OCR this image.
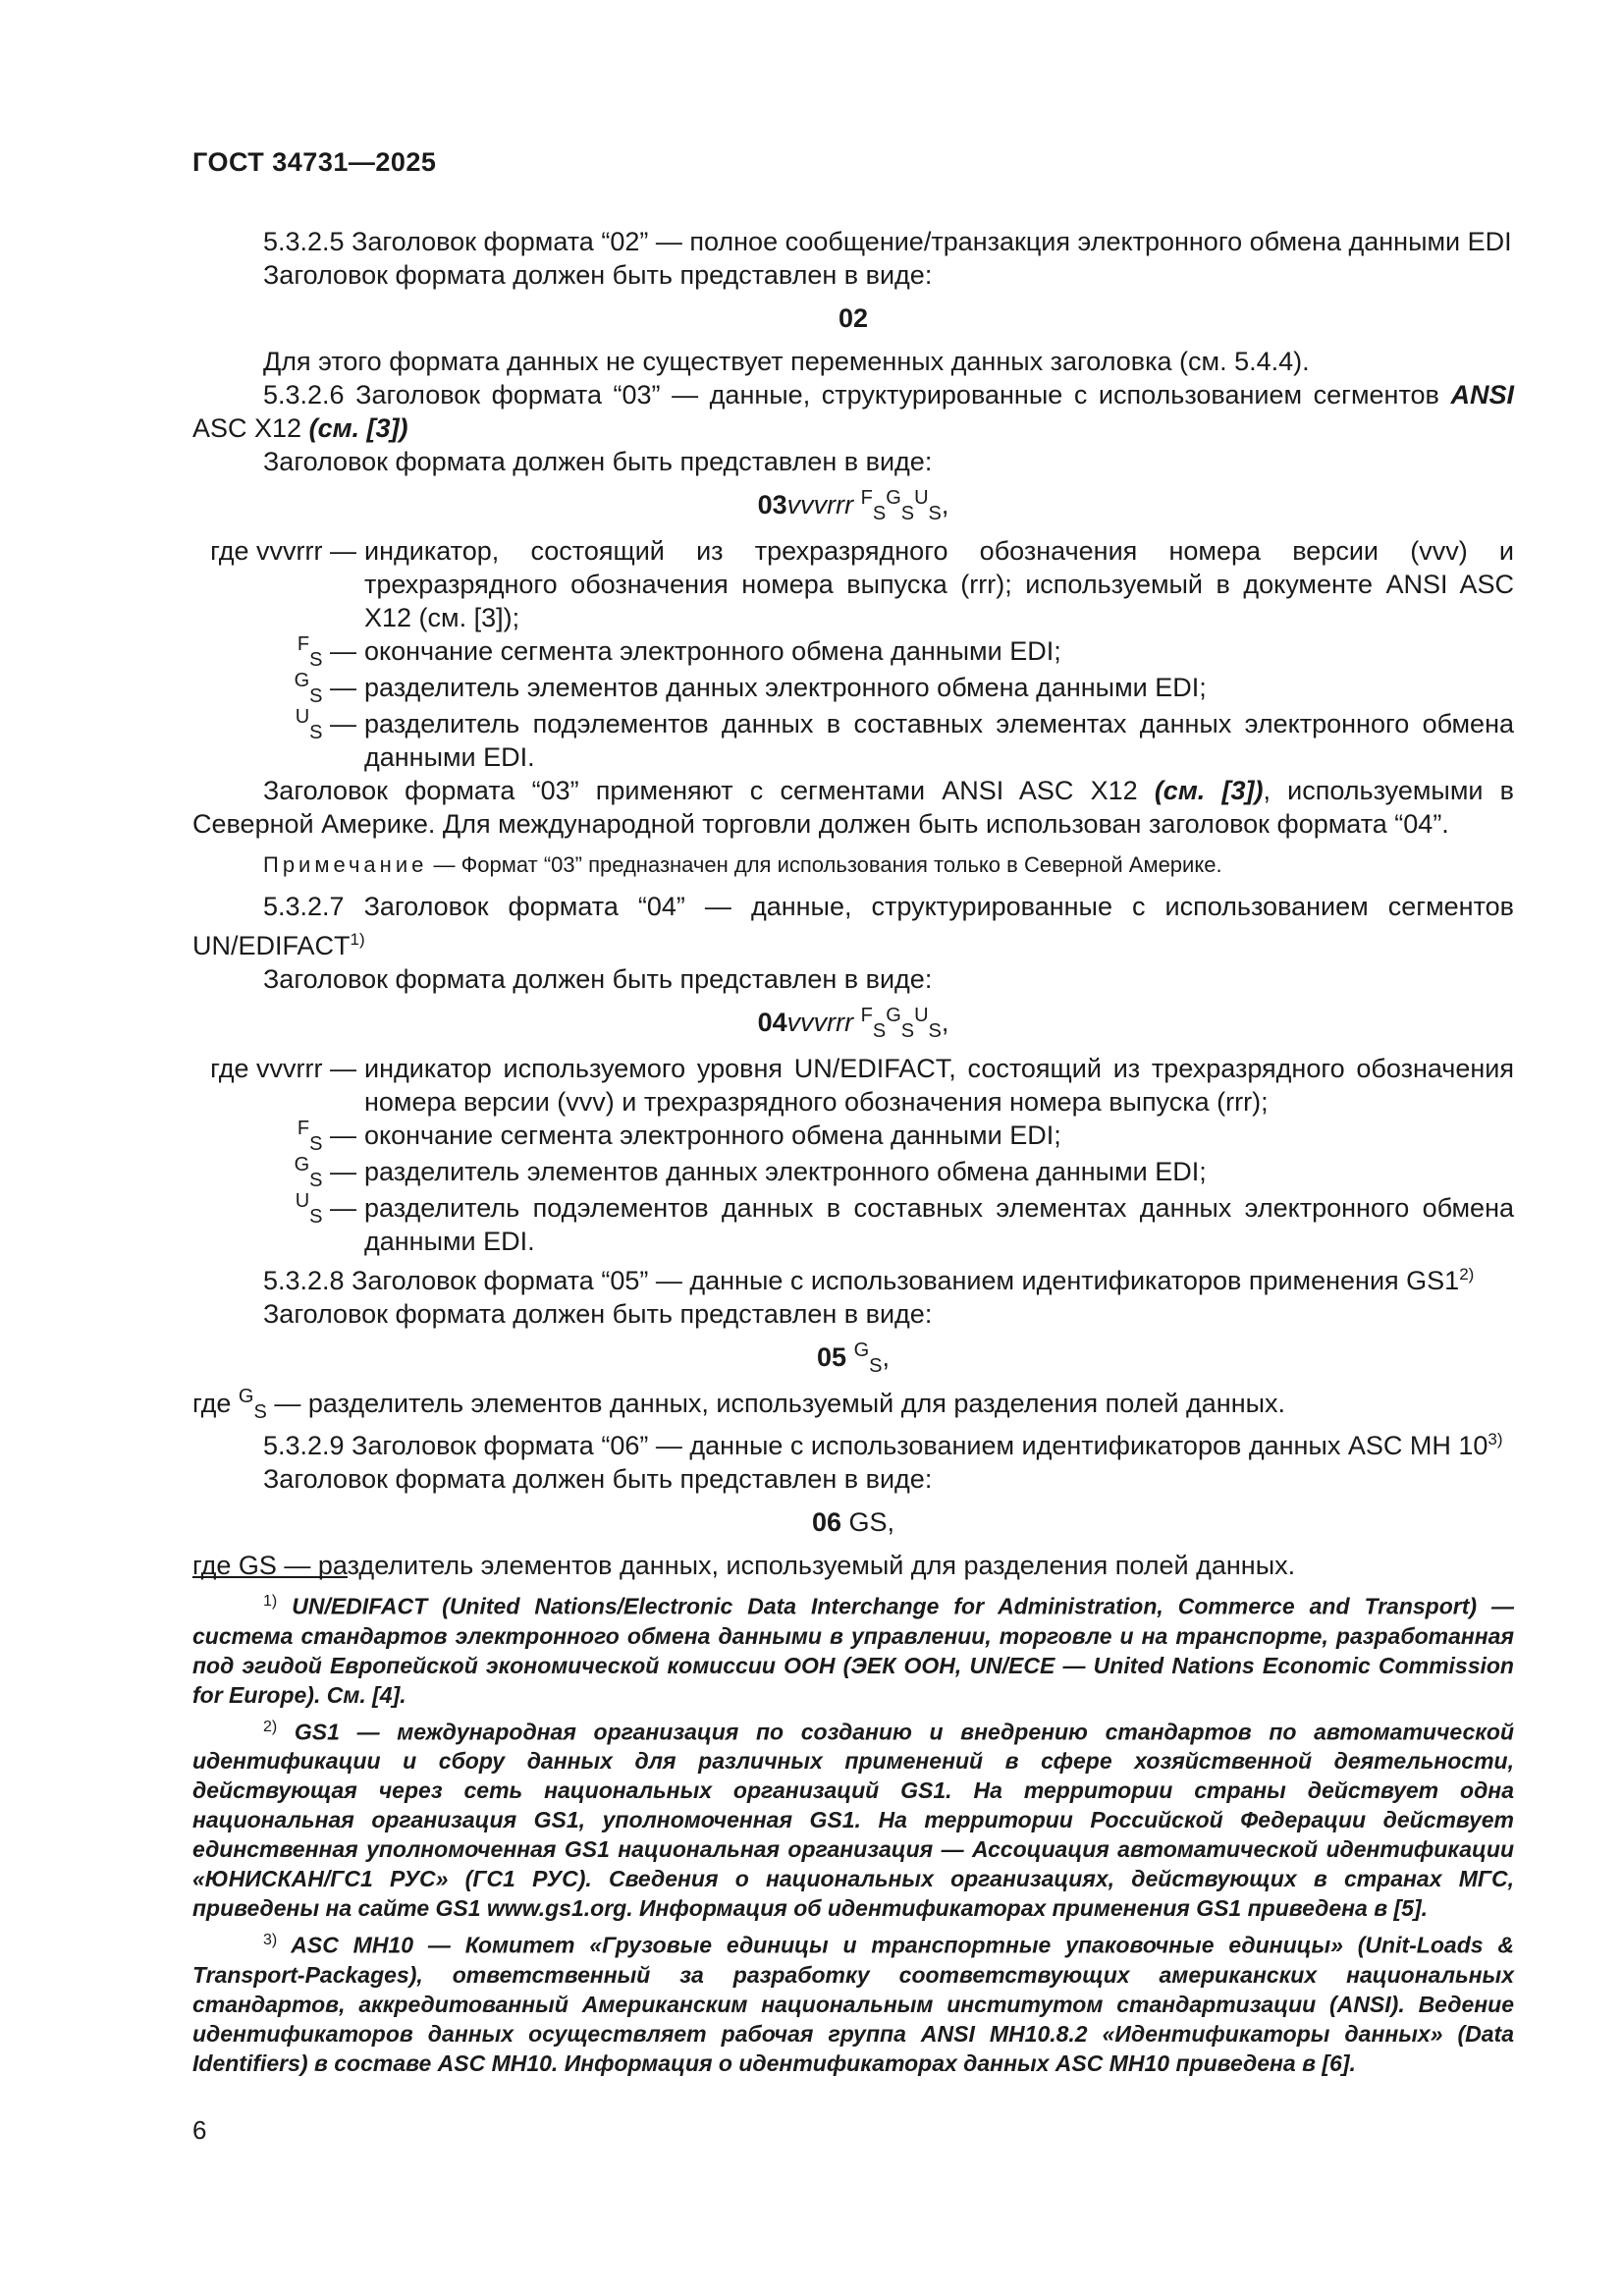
ГОСТ 34731—2025

5.3.2.5 Заголовок формата “02” — полное сообщение/транзакция электронного обмена данными EDI

Заголовок формата должен быть представлен в виде:

02

Для этого формата данных не существует переменных данных заголовка (см. 5.4.4).

5.3.2.6 Заголовок формата “03” — данные, структурированные с использованием сегментов ANSI ASC X12 (см. [3])

Заголовок формата должен быть представлен в виде:

03vvvrrr FSGSUS,

где vvvrrr — индикатор, состоящий из трехразрядного обозначения номера версии (vvv) и трехразрядного обозначения номера выпуска (rrr); используемый в документе ANSI ASC X12 (см. [3]);
FS — окончание сегмента электронного обмена данными EDI;
GS — разделитель элементов данных электронного обмена данными EDI;
US — разделитель подэлементов данных в составных элементах данных электронного обмена данными EDI.

Заголовок формата “03” применяют с сегментами ANSI ASC X12 (см. [3]), используемыми в Северной Америке. Для международной торговли должен быть использован заголовок формата “04”.

Примечание — Формат “03” предназначен для использования только в Северной Америке.

5.3.2.7 Заголовок формата “04” — данные, структурированные с использованием сегментов UN/EDIFACT$^{1)}$

Заголовок формата должен быть представлен в виде:

04vvvrrr FSGSUS,

где vvvrrr — индикатор используемого уровня UN/EDIFACT, состоящий из трехразрядного обозначения номера версии (vvv) и трехразрядного обозначения номера выпуска (rrr);
FS — окончание сегмента электронного обмена данными EDI;
GS — разделитель элементов данных электронного обмена данными EDI;
US — разделитель подэлементов данных в составных элементах данных электронного обмена данными EDI.

5.3.2.8 Заголовок формата “05” — данные с использованием идентификаторов применения GS1$^{2)}$

Заголовок формата должен быть представлен в виде:

05 GS,

где GS — разделитель элементов данных, используемый для разделения полей данных.

5.3.2.9 Заголовок формата “06” — данные с использованием идентификаторов данных ASC MH 10$^{3)}$

Заголовок формата должен быть представлен в виде:

06 GS,

где GS — разделитель элементов данных, используемый для разделения полей данных.

$^{1)}$ UN/EDIFACT (United Nations/Electronic Data Interchange for Administration, Commerce and Transport) — система стандартов электронного обмена данными в управлении, торговле и на транспорте, разработанная под эгидой Европейской экономической комиссии ООН (ЭЕК ООН, UN/ECE — United Nations Economic Commission for Europe). См. [4].

$^{2)}$ GS1 — международная организация по созданию и внедрению стандартов по автоматической идентификации и сбору данных для различных применений в сфере хозяйственной деятельности, действующая через сеть национальных организаций GS1. На территории страны действует одна национальная организация GS1, уполномоченная GS1. На территории Российской Федерации действует единственная уполномоченная GS1 национальная организация — Ассоциация автоматической идентификации «ЮНИСКАН/ГС1 РУС» (ГС1 РУС). Сведения о национальных организациях, действующих в странах МГС, приведены на сайте GS1 www.gs1.org. Информация об идентификаторах применения GS1 приведена в [5].

$^{3)}$ ASC MH10 — Комитет «Грузовые единицы и транспортные упаковочные единицы» (Unit-Loads & Transport-Packages), ответственный за разработку соответствующих американских национальных стандартов, аккредитованный Американским национальным институтом стандартизации (ANSI). Ведение идентификаторов данных осуществляет рабочая группа ANSI MH10.8.2 «Идентификаторы данных» (Data Identifiers) в составе ASC MH10. Информация о идентификаторах данных ASC MH10 приведена в [6].

6
